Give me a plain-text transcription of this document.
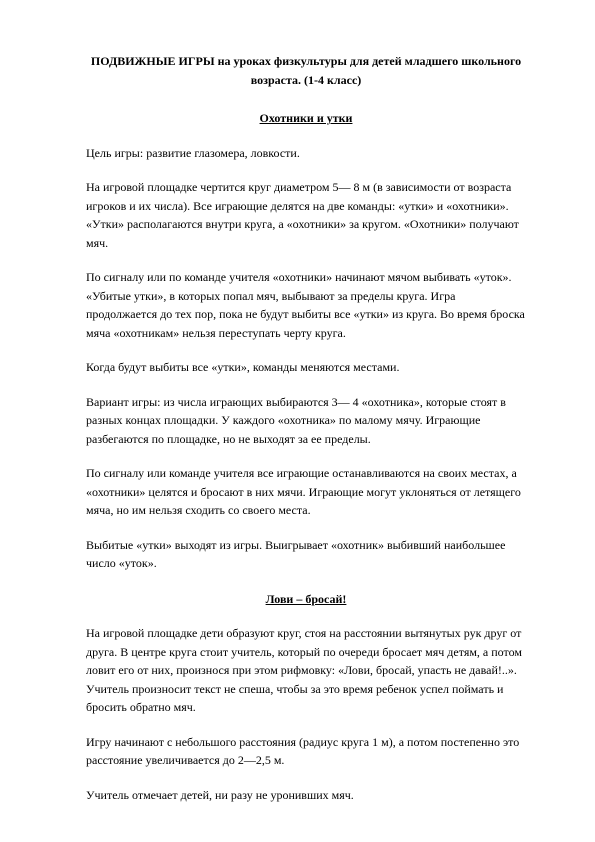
ПОДВИЖНЫЕ ИГРЫ на уроках физкультуры для детей младшего школьного возраста. (1-4 класс)

Охотники и утки

Цель игры: развитие глазомера, ловкости.

На игровой площадке чертится круг диаметром 5— 8 м (в зависимости от возраста игроков и их числа). Все играющие делятся на две команды: «утки» и «охотники». «Утки» располагаются внутри круга, а «охотники» за кругом. «Охотники» получают мяч.

По сигналу или по команде учителя «охотники» начинают мячом выбивать «уток». «Убитые утки», в которых попал мяч, выбывают за пределы круга. Игра продолжается до тех пор, пока не будут выбиты все «утки» из круга. Во время броска мяча «охотникам» нельзя переступать черту круга.

Когда будут выбиты все «утки», команды меняются местами.

Вариант игры: из числа играющих выбираются 3— 4 «охотника», которые стоят в разных концах площадки. У каждого «охотника» по малому мячу. Играющие разбегаются по площадке, но не выходят за ее пределы.

По сигналу или команде учителя все играющие останавливаются на своих местах, а «охотники» целятся и бросают в них мячи. Играющие могут уклоняться от летящего мяча, но им нельзя сходить со своего места.

Выбитые «утки» выходят из игры. Выигрывает «охотник» выбивший наибольшее число «уток».

Лови – бросай!

На игровой площадке дети образуют круг, стоя на расстоянии вытянутых рук друг от друга. В центре круга стоит учитель, который по очереди бросает мяч детям, а потом ловит его от них, произнося при этом рифмовку: «Лови, бросай, упасть не давай!..». Учитель произносит текст не спеша, чтобы за это время ребенок успел поймать и бросить обратно мяч.

Игру начинают с небольшого расстояния (радиус круга 1 м), а потом постепенно это расстояние увеличивается до 2—2,5 м.

Учитель отмечает детей, ни разу не уронивших мяч.
